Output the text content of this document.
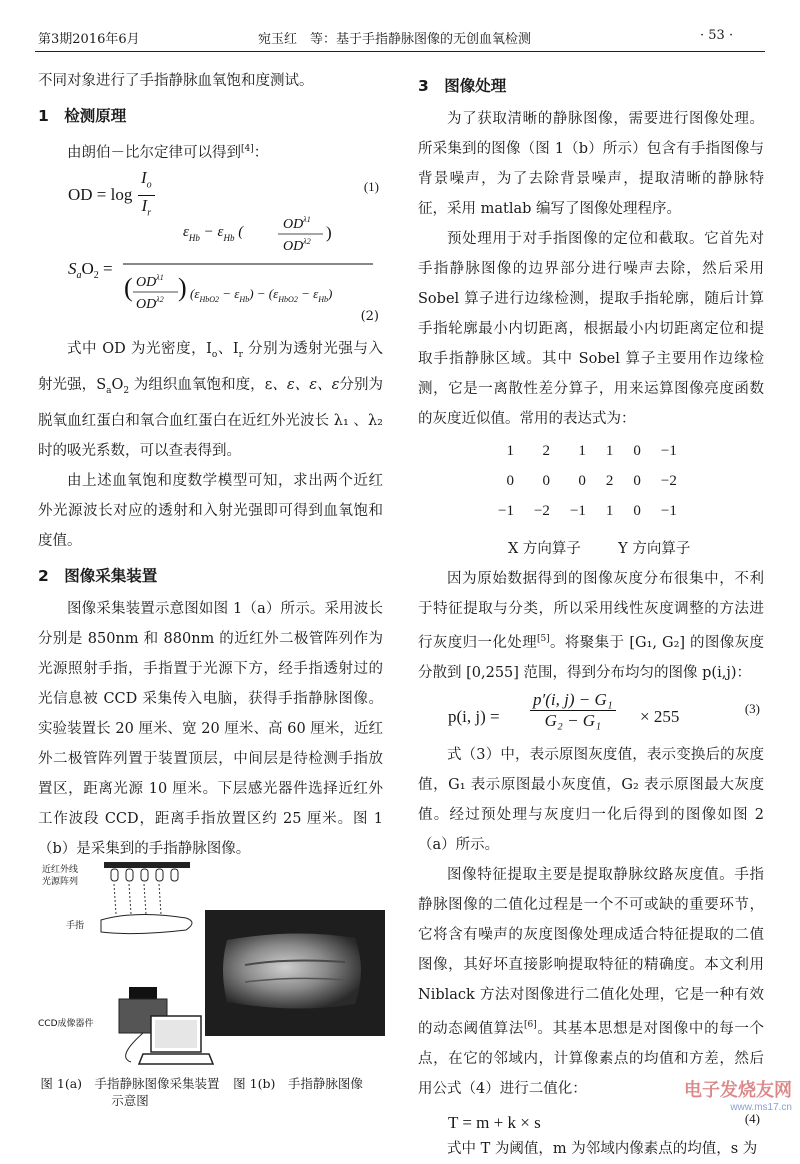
第3期2016年6月	宛玉红　等：基于手指静脉图像的无创血氧检测	· 53 ·

不同对象进行了手指静脉血氧饱和度测试。

1　检测原理

由朗伯－比尔定律可以得到[4]：

OD = $\log \frac{I_o}{I_r}$	(1)
$S_aO_2$ =
$\varepsilon_{Hb} - \varepsilon_{Hb}$ (	$OD^{\lambda 1}$
$OD^{\lambda 2}$ )
( $OD^{\lambda 1}$
$OD^{\lambda 2}$ ) $(\varepsilon_{HbO2} - \varepsilon_{Hb}) - (\varepsilon_{HbO2} - \varepsilon_{Hb})$
(2)

式中 OD 为光密度，$I_o$、$I_r$ 分别为透射光强与入射光强，$S_aO_2$ 为组织血氧饱和度，ε、ε、ε、ε分别为脱氧血红蛋白和氧合血红蛋白在近红外光波长 λ₁ 、λ₂ 时的吸光系数，可以查表得到。

由上述血氧饱和度数学模型可知，求出两个近红外光源波长对应的透射和入射光强即可得到血氧饱和度值。

2　图像采集装置

图像采集装置示意图如图 1（a）所示。采用波长分别是 850nm 和 880nm 的近红外二极管阵列作为光源照射手指，手指置于光源下方，经手指透射过的光信息被 CCD 采集传入电脑，获得手指静脉图像。实验装置长 20 厘米、宽 20 厘米、高 60 厘米，近红外二极管阵列置于装置顶层，中间层是待检测手指放置区，距离光源 10 厘米。下层感光器件选择近红外工作波段 CCD，距离手指放置区约 25 厘米。图 1（b）是采集到的手指静脉图像。

近红外线
光源阵列
手指
CCD成像器件
图 1(a)　手指静脉图像采集装置
示意图
图 1(b)　手指静脉图像
3　图像处理

为了获取清晰的静脉图像，需要进行图像处理。所采集到的图像（图 1（b）所示）包含有手指图像与背景噪声，为了去除背景噪声，提取清晰的静脉特征，采用 matlab 编写了图像处理程序。

预处理用于对手指图像的定位和截取。它首先对手指静脉图像的边界部分进行噪声去除，然后采用 Sobel 算子进行边缘检测，提取手指轮廓，随后计算手指轮廓最小内切距离，根据最小内切距离定位和提取手指静脉区域。其中 Sobel 算子主要用作边缘检测，它是一离散性差分算子，用来运算图像亮度函数的灰度近似值。常用的表达式为：

1	2	1	1	0	−1
0	0	0	2	0	−2
−1	−2	−1	1	0	−1
X 方向算子	Y 方向算子

因为原始数据得到的图像灰度分布很集中，不利于特征提取与分类，所以采用线性灰度调整的方法进行灰度归一化处理[5]。将聚集于 [G₁, G₂] 的图像灰度分散到 [0,255] 范围，得到分布均匀的图像 p(i,j)：

p(i, $j) = \frac{\text{p′(i, j) − G₁}}{\text{G₂ − G₁}} \times 255$	(3)

式（3）中，表示原图灰度值，表示变换后的灰度值，G₁ 表示原图最小灰度值，G₂ 表示原图最大灰度值。经过预处理与灰度归一化后得到的图像如图 2（a）所示。

图像特征提取主要是提取静脉纹路灰度值。手指静脉图像的二值化过程是一个不可或缺的重要环节，它将含有噪声的灰度图像处理成适合特征提取的二值图像，其好坏直接影响提取特征的精确度。本文利用 Niblack 方法对图像进行二值化处理，它是一种有效的动态阈值算法[6]。其基本思想是对图像中的每一个点，在它的邻域内，计算像素点的均值和方差，然后用公式（4）进行二值化：

T = m + k × s	(4)

式中 T 为阈值，m 为邻域内像素点的均值，s 为

电子发烧友网
www.ms17.cn
